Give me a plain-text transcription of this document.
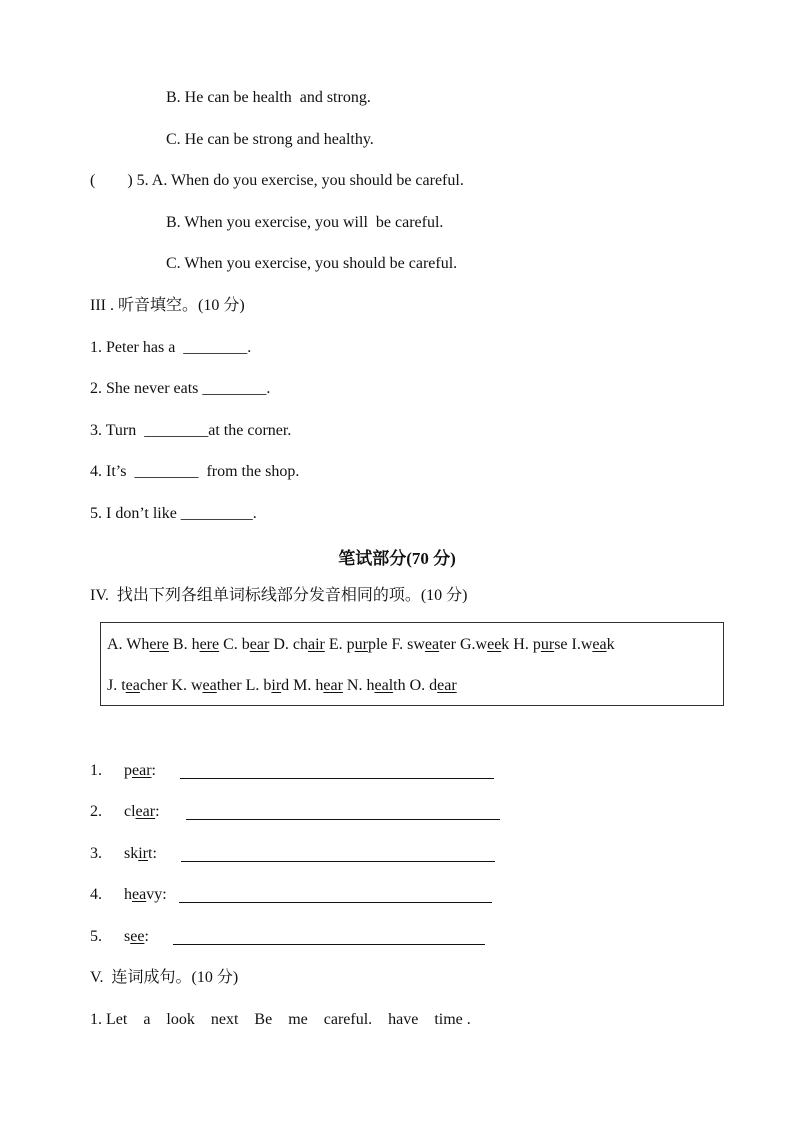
B. He can be health  and strong.
C. He can be strong and healthy.
(        ) 5. A. When do you exercise, you should be careful.
B. When you exercise, you will  be careful.
C. When you exercise, you should be careful.
III . 听音填空。(10 分)
1. Peter has a  ________.
2. She never eats ________.
3. Turn  ________at the corner.
4. It’s  ________  from the shop.
5. I don’t like _________.
笔试部分(70 分)
IV.  找出下列各组单词标线部分发音相同的项。(10 分)
A. Where B. here C. bear D. chair E. purple F. sweater G.week H. purse I.weak
J. teacher K. weather L. bird M. hear N. health O. dear
1. pear:
2. clear:
3. skirt:
4. heavy:
5. see:
V.  连词成句。(10 分)
1. Let    a    look    next    Be    me    careful.    have    time .
